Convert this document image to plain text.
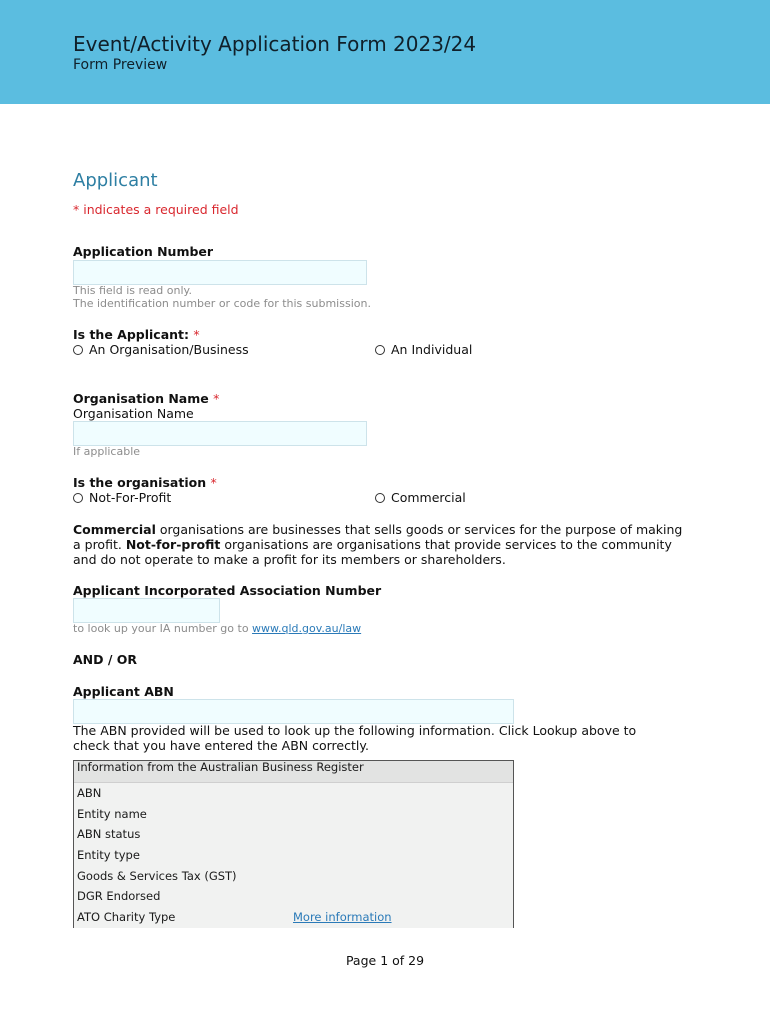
Event/Activity Application Form 2023/24
Form Preview
Applicant
* indicates a required field
Application Number
This field is read only.
The identification number or code for this submission.
Is the Applicant: *
An Organisation/Business	An Individual
Organisation Name *
Organisation Name
If applicable
Is the organisation *
Not-For-Profit	Commercial
Commercial organisations are businesses that sells goods or services for the purpose of making a profit. Not-for-profit organisations are organisations that provide services to the community and do not operate to make a profit for its members or shareholders.
Applicant Incorporated Association Number
to look up your IA number go to www.qld.gov.au/law
AND / OR
Applicant ABN
The ABN provided will be used to look up the following information. Click Lookup above to check that you have entered the ABN correctly.
Information from the Australian Business Register
ABN
Entity name
ABN status
Entity type
Goods & Services Tax (GST)
DGR Endorsed
ATO Charity Type	More information
Page 1 of 29
